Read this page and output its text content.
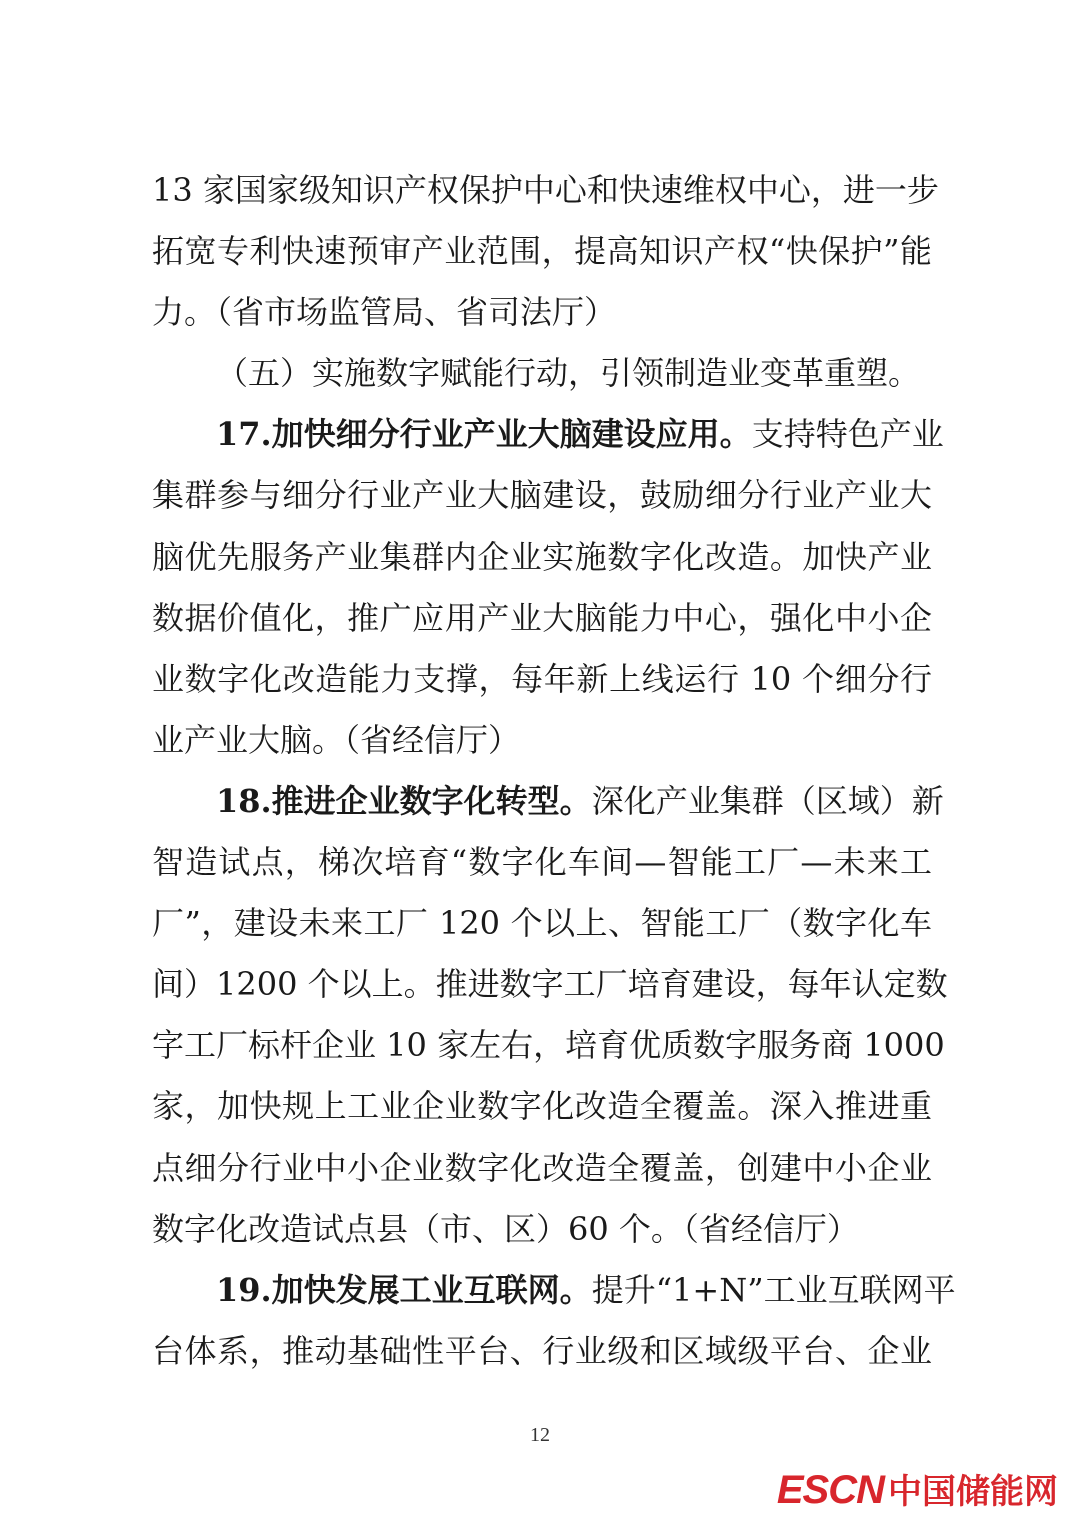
13 家国家级知识产权保护中心和快速维权中心，进一步
拓宽专利快速预审产业范围，提高知识产权“快保护”能
力。（省市场监管局、省司法厅）
（五）实施数字赋能行动，引领制造业变革重塑。
17.加快细分行业产业大脑建设应用。支持特色产业
集群参与细分行业产业大脑建设，鼓励细分行业产业大
脑优先服务产业集群内企业实施数字化改造。加快产业
数据价值化，推广应用产业大脑能力中心，强化中小企
业数字化改造能力支撑，每年新上线运行 10 个细分行
业产业大脑。（省经信厅）
18.推进企业数字化转型。深化产业集群（区域）新
智造试点，梯次培育“数字化车间—智能工厂—未来工
厂”，建设未来工厂 120 个以上、智能工厂（数字化车
间）1200 个以上。推进数字工厂培育建设，每年认定数
字工厂标杆企业 10 家左右，培育优质数字服务商 1000
家，加快规上工业企业数字化改造全覆盖。深入推进重
点细分行业中小企业数字化改造全覆盖，创建中小企业
数字化改造试点县（市、区）60 个。（省经信厅）
19.加快发展工业互联网。提升“1+N”工业互联网平
台体系，推动基础性平台、行业级和区域级平台、企业
12
ESCN 中国储能网
